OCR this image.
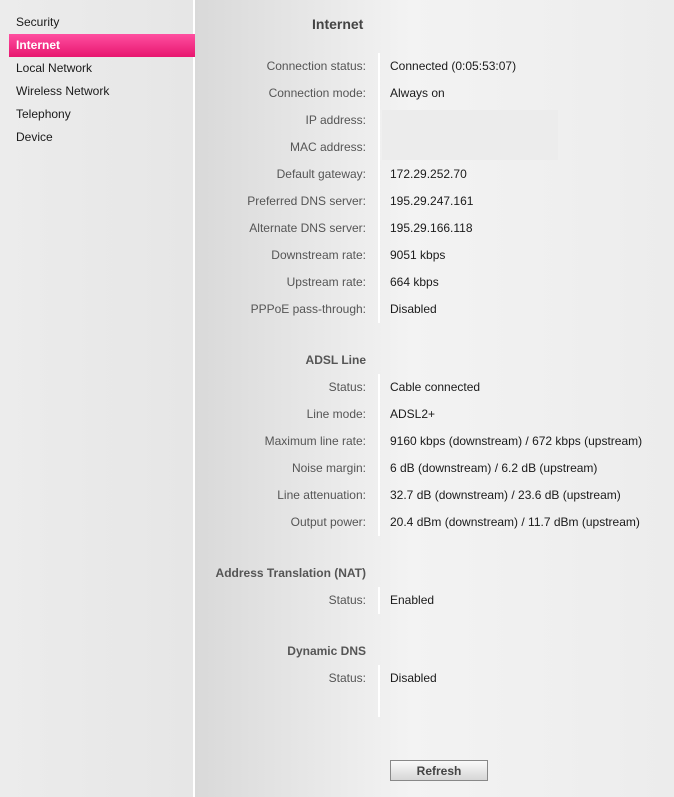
Security
Internet
Local Network
Wireless Network
Telephony
Device
Internet
Connection status: Connected (0:05:53:07)
Connection mode: Always on
IP address:
MAC address:
Default gateway: 172.29.252.70
Preferred DNS server: 195.29.247.161
Alternate DNS server: 195.29.166.118
Downstream rate: 9051 kbps
Upstream rate: 664 kbps
PPPoE pass-through: Disabled
ADSL Line
Status: Cable connected
Line mode: ADSL2+
Maximum line rate: 9160 kbps (downstream) / 672 kbps (upstream)
Noise margin: 6 dB (downstream) / 6.2 dB (upstream)
Line attenuation: 32.7 dB (downstream) / 23.6 dB (upstream)
Output power: 20.4 dBm (downstream) / 11.7 dBm (upstream)
Address Translation (NAT)
Status: Enabled
Dynamic DNS
Status: Disabled
Refresh
